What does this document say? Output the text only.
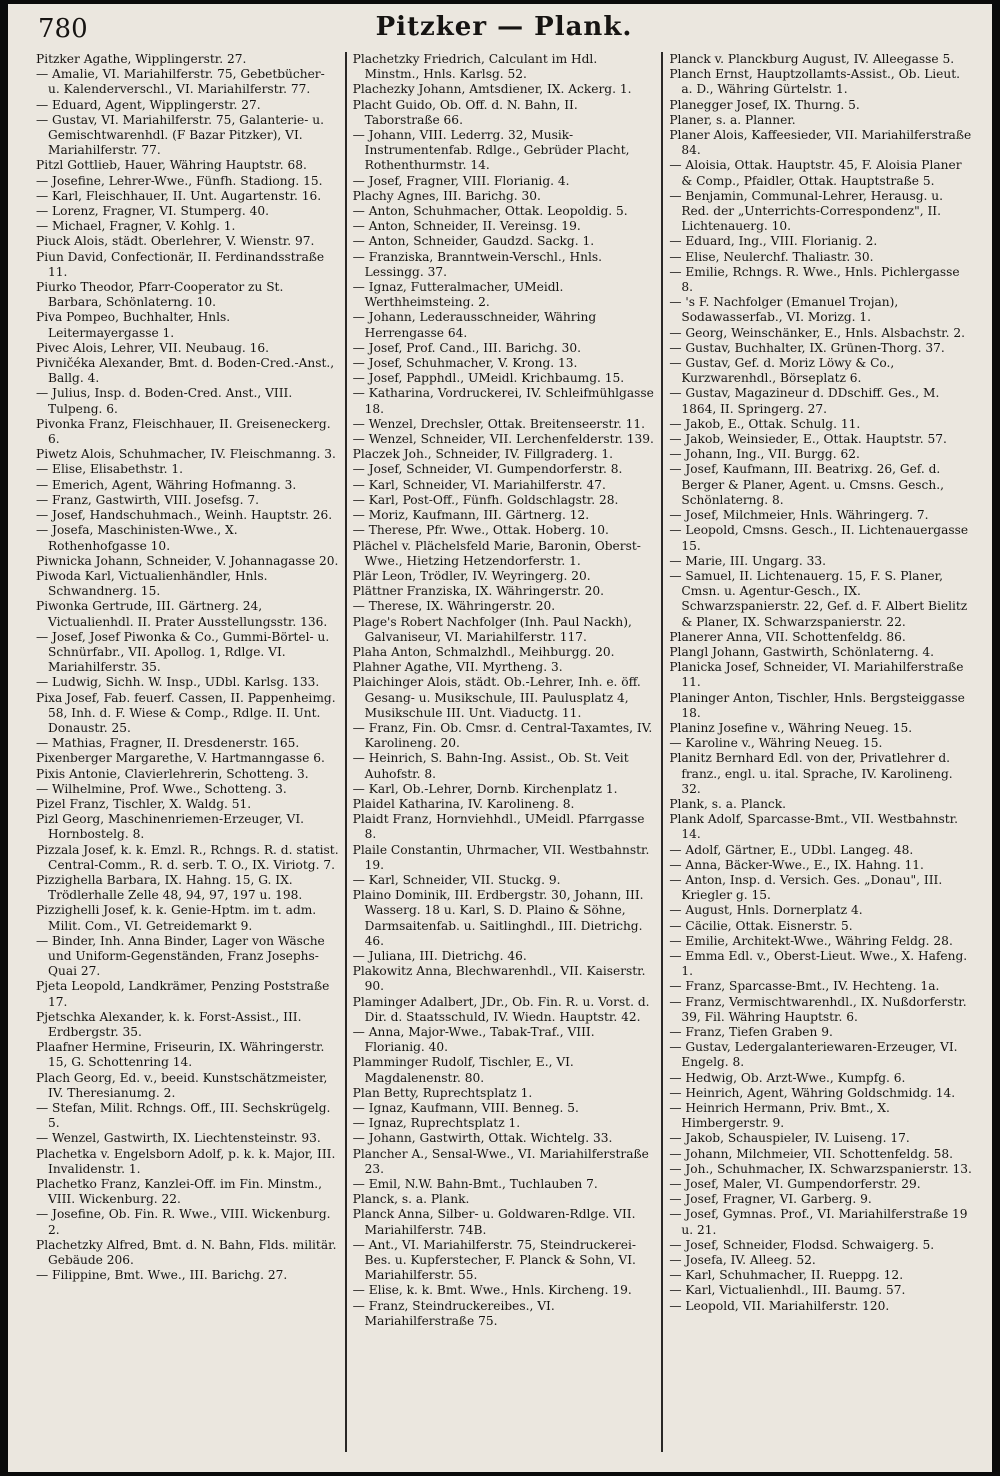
780	Pitzker — Plank.

Pitzker Agathe, Wipplingerstr. 27.

— Amalie, VI. Mariahilferstr. 75, Gebetbücher- u. Kalenderverschl., VI. Mariahilferstr. 77.

— Eduard, Agent, Wipplingerstr. 27.

— Gustav, VI. Mariahilferstr. 75, Galanterie- u. Gemischtwarenhdl. (F Bazar Pitzker), VI. Mariahilferstr. 77.

Pitzl Gottlieb, Hauer, Währing Hauptstr. 68.

— Josefine, Lehrer-Wwe., Fünfh. Stadiong. 15.

— Karl, Fleischhauer, II. Unt. Augartenstr. 16.

— Lorenz, Fragner, VI. Stumperg. 40.

— Michael, Fragner, V. Kohlg. 1.

Piuck Alois, städt. Oberlehrer, V. Wienstr. 97.

Piun David, Confectionär, II. Ferdinandsstraße 11.

Piurko Theodor, Pfarr-Cooperator zu St. Barbara, Schönlaterng. 10.

Piva Pompeo, Buchhalter, Hnls. Leitermayergasse 1.

Pivec Alois, Lehrer, VII. Neubaug. 16.

Pivničéka Alexander, Bmt. d. Boden-Cred.-Anst., Ballg. 4.

— Julius, Insp. d. Boden-Cred. Anst., VIII. Tulpeng. 6.

Pivonka Franz, Fleischhauer, II. Greiseneckerg. 6.

Piwetz Alois, Schuhmacher, IV. Fleischmanng. 3.

— Elise, Elisabethstr. 1.

— Emerich, Agent, Währing Hofmanng. 3.

— Franz, Gastwirth, VIII. Josefsg. 7.

— Josef, Handschuhmach., Weinh. Hauptstr. 26.

— Josefa, Maschinisten-Wwe., X. Rothenhofgasse 10.

Piwnicka Johann, Schneider, V. Johannagasse 20.

Piwoda Karl, Victualienhändler, Hnls. Schwandnerg. 15.

Piwonka Gertrude, III. Gärtnerg. 24, Victualienhdl. II. Prater Ausstellungsstr. 136.

— Josef, Josef Piwonka & Co., Gummi-Börtel- u. Schnürfabr., VII. Apollog. 1, Rdlge. VI. Mariahilferstr. 35.

— Ludwig, Sichh. W. Insp., UDbl. Karlsg. 133.

Pixa Josef, Fab. feuerf. Cassen, II. Pappenheimg. 58, Inh. d. F. Wiese & Comp., Rdlge. II. Unt. Donaustr. 25.

— Mathias, Fragner, II. Dresdenerstr. 165.

Pixenberger Margarethe, V. Hartmanngasse 6.

Pixis Antonie, Clavierlehrerin, Schotteng. 3.

— Wilhelmine, Prof. Wwe., Schotteng. 3.

Pizel Franz, Tischler, X. Waldg. 51.

Pizl Georg, Maschinenriemen-Erzeuger, VI. Hornbostelg. 8.

Pizzala Josef, k. k. Emzl. R., Rchngs. R. d. statist. Central-Comm., R. d. serb. T. O., IX. Viriotg. 7.

Pizzighella Barbara, IX. Hahng. 15, G. IX. Trödlerhalle Zelle 48, 94, 97, 197 u. 198.

Pizzighelli Josef, k. k. Genie-Hptm. im t. adm. Milit. Com., VI. Getreidemarkt 9.

— Binder, Inh. Anna Binder, Lager von Wäsche und Uniform-Gegenständen, Franz Josephs-Quai 27.

Pjeta Leopold, Landkrämer, Penzing Poststraße 17.

Pjetschka Alexander, k. k. Forst-Assist., III. Erdbergstr. 35.

Plaafner Hermine, Friseurin, IX. Währingerstr. 15, G. Schottenring 14.

Plach Georg, Ed. v., beeid. Kunstschätzmeister, IV. Theresianumg. 2.

— Stefan, Milit. Rchngs. Off., III. Sechskrügelg. 5.

— Wenzel, Gastwirth, IX. Liechtensteinstr. 93.

Plachetka v. Engelsborn Adolf, p. k. k. Major, III. Invalidenstr. 1.

Plachetko Franz, Kanzlei-Off. im Fin. Minstm., VIII. Wickenburg. 22.

— Josefine, Ob. Fin. R. Wwe., VIII. Wickenburg. 2.

Plachetzky Alfred, Bmt. d. N. Bahn, Flds. militär. Gebäude 206.

— Filippine, Bmt. Wwe., III. Barichg. 27.

Plachetzky Friedrich, Calculant im Hdl. Minstm., Hnls. Karlsg. 52.

Plachezky Johann, Amtsdiener, IX. Ackerg. 1.

Placht Guido, Ob. Off. d. N. Bahn, II. Taborstraße 66.

— Johann, VIII. Lederrg. 32, Musik-Instrumentenfab. Rdlge., Gebrüder Placht, Rothenthurmstr. 14.

— Josef, Fragner, VIII. Florianig. 4.

Plachy Agnes, III. Barichg. 30.

— Anton, Schuhmacher, Ottak. Leopoldig. 5.

— Anton, Schneider, II. Vereinsg. 19.

— Anton, Schneider, Gaudzd. Sackg. 1.

— Franziska, Branntwein-Verschl., Hnls. Lessingg. 37.

— Ignaz, Futteralmacher, UMeidl. Werthheimsteing. 2.

— Johann, Lederausschneider, Währing Herrengasse 64.

— Josef, Prof. Cand., III. Barichg. 30.

— Josef, Schuhmacher, V. Krong. 13.

— Josef, Papphdl., UMeidl. Krichbaumg. 15.

— Katharina, Vordruckerei, IV. Schleifmühlgasse 18.

— Wenzel, Drechsler, Ottak. Breitenseerstr. 11.

— Wenzel, Schneider, VII. Lerchenfelderstr. 139.

Placzek Joh., Schneider, IV. Fillgraderg. 1.

— Josef, Schneider, VI. Gumpendorferstr. 8.

— Karl, Schneider, VI. Mariahilferstr. 47.

— Karl, Post-Off., Fünfh. Goldschlagstr. 28.

— Moriz, Kaufmann, III. Gärtnerg. 12.

— Therese, Pfr. Wwe., Ottak. Hoberg. 10.

Plächel v. Plächelsfeld Marie, Baronin, Oberst-Wwe., Hietzing Hetzendorferstr. 1.

Plär Leon, Trödler, IV. Weyringerg. 20.

Plättner Franziska, IX. Währingerstr. 20.

— Therese, IX. Währingerstr. 20.

Plage's Robert Nachfolger (Inh. Paul Nackh), Galvaniseur, VI. Mariahilferstr. 117.

Plaha Anton, Schmalzhdl., Meihburgg. 20.

Plahner Agathe, VII. Myrtheng. 3.

Plaichinger Alois, städt. Ob.-Lehrer, Inh. e. öff. Gesang- u. Musikschule, III. Paulusplatz 4, Musikschule III. Unt. Viaductg. 11.

— Franz, Fin. Ob. Cmsr. d. Central-Taxamtes, IV. Karolineng. 20.

— Heinrich, S. Bahn-Ing. Assist., Ob. St. Veit Auhofstr. 8.

— Karl, Ob.-Lehrer, Dornb. Kirchenplatz 1.

Plaidel Katharina, IV. Karolineng. 8.

Plaidt Franz, Hornviehhdl., UMeidl. Pfarrgasse 8.

Plaile Constantin, Uhrmacher, VII. Westbahnstr. 19.

— Karl, Schneider, VII. Stuckg. 9.

Plaino Dominik, III. Erdbergstr. 30, Johann, III. Wasserg. 18 u. Karl, S. D. Plaino & Söhne, Darmsaitenfab. u. Saitlinghdl., III. Dietrichg. 46.

— Juliana, III. Dietrichg. 46.

Plakowitz Anna, Blechwarenhdl., VII. Kaiserstr. 90.

Plaminger Adalbert, JDr., Ob. Fin. R. u. Vorst. d. Dir. d. Staatsschuld, IV. Wiedn. Hauptstr. 42.

— Anna, Major-Wwe., Tabak-Traf., VIII. Florianig. 40.

Plamminger Rudolf, Tischler, E., VI. Magdalenenstr. 80.

Plan Betty, Ruprechtsplatz 1.

— Ignaz, Kaufmann, VIII. Benneg. 5.

— Ignaz, Ruprechtsplatz 1.

— Johann, Gastwirth, Ottak. Wichtelg. 33.

Plancher A., Sensal-Wwe., VI. Mariahilferstraße 23.

— Emil, N.W. Bahn-Bmt., Tuchlauben 7.

Planck, s. a. Plank.

Planck Anna, Silber- u. Goldwaren-Rdlge. VII. Mariahilferstr. 74B.

— Ant., VI. Mariahilferstr. 75, Steindruckerei-Bes. u. Kupferstecher, F. Planck & Sohn, VI. Mariahilferstr. 55.

— Elise, k. k. Bmt. Wwe., Hnls. Kircheng. 19.

— Franz, Steindruckereibes., VI. Mariahilferstraße 75.

Planck v. Planckburg August, IV. Alleegasse 5.

Planch Ernst, Hauptzollamts-Assist., Ob. Lieut. a. D., Währing Gürtelstr. 1.

Planegger Josef, IX. Thurng. 5.

Planer, s. a. Planner.

Planer Alois, Kaffeesieder, VII. Mariahilferstraße 84.

— Aloisia, Ottak. Hauptstr. 45, F. Aloisia Planer & Comp., Pfaidler, Ottak. Hauptstraße 5.

— Benjamin, Communal-Lehrer, Herausg. u. Red. der „Unterrichts-Correspondenz", II. Lichtenauerg. 10.

— Eduard, Ing., VIII. Florianig. 2.

— Elise, Neulerchf. Thaliastr. 30.

— Emilie, Rchngs. R. Wwe., Hnls. Pichlergasse 8.

— 's F. Nachfolger (Emanuel Trojan), Sodawasserfab., VI. Morizg. 1.

— Georg, Weinschänker, E., Hnls. Alsbachstr. 2.

— Gustav, Buchhalter, IX. Grünen-Thorg. 37.

— Gustav, Gef. d. Moriz Löwy & Co., Kurzwarenhdl., Börseplatz 6.

— Gustav, Magazineur d. DDschiff. Ges., M. 1864, II. Springerg. 27.

— Jakob, E., Ottak. Schulg. 11.

— Jakob, Weinsieder, E., Ottak. Hauptstr. 57.

— Johann, Ing., VII. Burgg. 62.

— Josef, Kaufmann, III. Beatrixg. 26, Gef. d. Berger & Planer, Agent. u. Cmsns. Gesch., Schönlaterng. 8.

— Josef, Milchmeier, Hnls. Währingerg. 7.

— Leopold, Cmsns. Gesch., II. Lichtenauergasse 15.

— Marie, III. Ungarg. 33.

— Samuel, II. Lichtenauerg. 15, F. S. Planer, Cmsn. u. Agentur-Gesch., IX. Schwarzspanierstr. 22, Gef. d. F. Albert Bielitz & Planer, IX. Schwarzspanierstr. 22.

Planerer Anna, VII. Schottenfeldg. 86.

Plangl Johann, Gastwirth, Schönlaterng. 4.

Planicka Josef, Schneider, VI. Mariahilferstraße 11.

Planinger Anton, Tischler, Hnls. Bergsteiggasse 18.

Planinz Josefine v., Währing Neueg. 15.

— Karoline v., Währing Neueg. 15.

Planitz Bernhard Edl. von der, Privatlehrer d. franz., engl. u. ital. Sprache, IV. Karolineng. 32.

Plank, s. a. Planck.

Plank Adolf, Sparcasse-Bmt., VII. Westbahnstr. 14.

— Adolf, Gärtner, E., UDbl. Langeg. 48.

— Anna, Bäcker-Wwe., E., IX. Hahng. 11.

— Anton, Insp. d. Versich. Ges. „Donau", III. Kriegler g. 15.

— August, Hnls. Dornerplatz 4.

— Cäcilie, Ottak. Eisnerstr. 5.

— Emilie, Architekt-Wwe., Währing Feldg. 28.

— Emma Edl. v., Oberst-Lieut. Wwe., X. Hafeng. 1.

— Franz, Sparcasse-Bmt., IV. Hechteng. 1a.

— Franz, Vermischtwarenhdl., IX. Nußdorferstr. 39, Fil. Währing Hauptstr. 6.

— Franz, Tiefen Graben 9.

— Gustav, Ledergalanteriewaren-Erzeuger, VI. Engelg. 8.

— Hedwig, Ob. Arzt-Wwe., Kumpfg. 6.

— Heinrich, Agent, Währing Goldschmidg. 14.

— Heinrich Hermann, Priv. Bmt., X. Himbergerstr. 9.

— Jakob, Schauspieler, IV. Luiseng. 17.

— Johann, Milchmeier, VII. Schottenfeldg. 58.

— Joh., Schuhmacher, IX. Schwarzspanierstr. 13.

— Josef, Maler, VI. Gumpendorferstr. 29.

— Josef, Fragner, VI. Garberg. 9.

— Josef, Gymnas. Prof., VI. Mariahilferstraße 19 u. 21.

— Josef, Schneider, Flodsd. Schwaigerg. 5.

— Josefa, IV. Alleeg. 52.

— Karl, Schuhmacher, II. Rueppg. 12.

— Karl, Victualienhdl., III. Baumg. 57.

— Leopold, VII. Mariahilferstr. 120.
